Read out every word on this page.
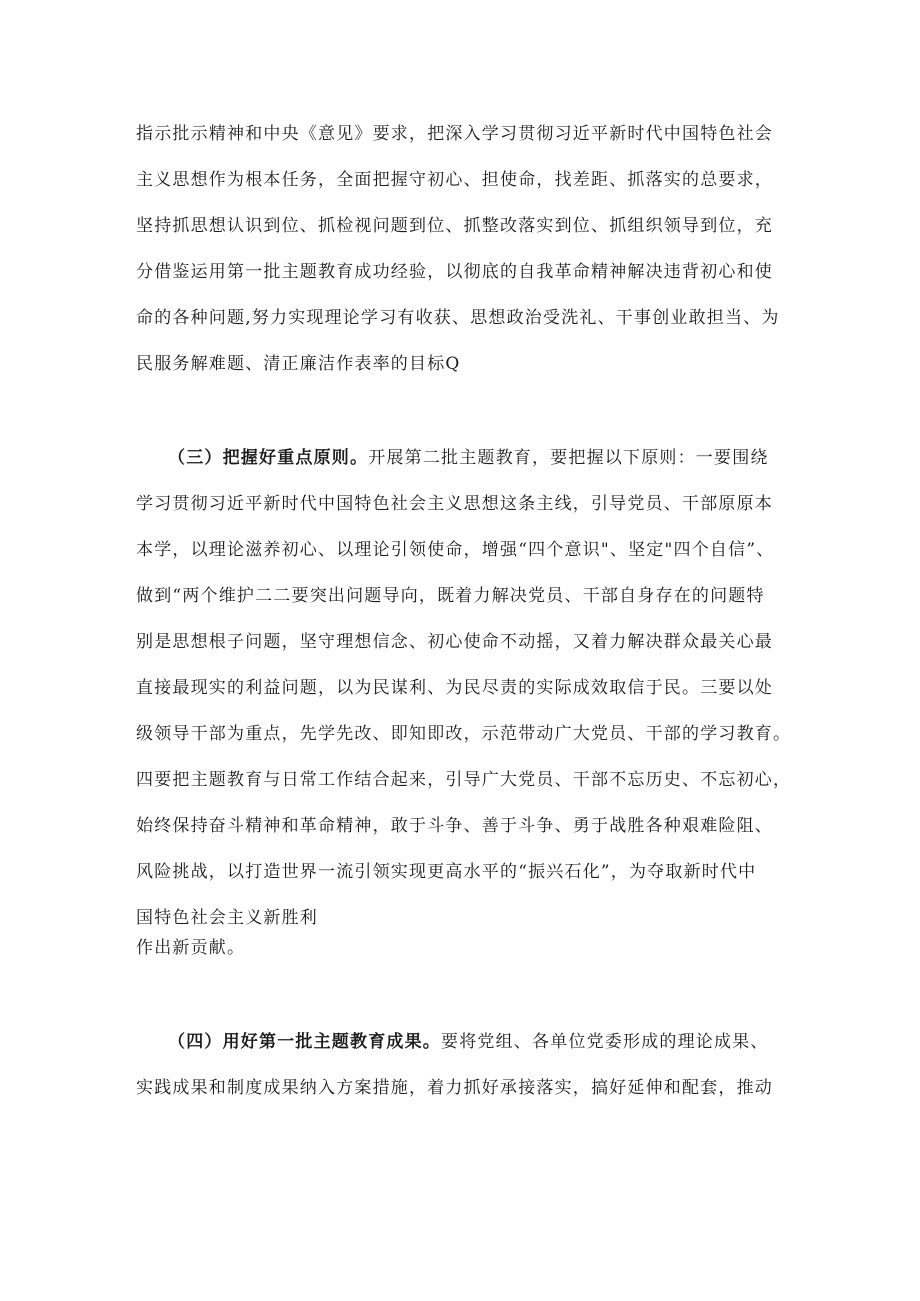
指示批示精神和中央《意见》要求，把深入学习贯彻习近平新时代中国特色社会
主义思想作为根本任务，全面把握守初心、担使命，找差距、抓落实的总要求，
坚持抓思想认识到位、抓检视问题到位、抓整改落实到位、抓组织领导到位，充
分借鉴运用第一批主题教育成功经验，以彻底的自我革命精神解决违背初心和使
命的各种问题,努力实现理论学习有收获、思想政治受洗礼、干事创业敢担当、为
民服务解难题、清正廉洁作表率的目标Q
（三）把握好重点原则。开展第二批主题教育，要把握以下原则：一要围绕
学习贯彻习近平新时代中国特色社会主义思想这条主线，引导党员、干部原原本
本学，以理论滋养初心、以理论引领使命，增强“四个意识"、坚定"四个自信”、
做到“两个维护二二要突出问题导向，既着力解决党员、干部自身存在的问题特
别是思想根子问题，坚守理想信念、初心使命不动摇，又着力解决群众最关心最
直接最现实的利益问题，以为民谋利、为民尽责的实际成效取信于民。三要以处
级领导干部为重点，先学先改、即知即改，示范带动广大党员、干部的学习教育。
四要把主题教育与日常工作结合起来，引导广大党员、干部不忘历史、不忘初心，
始终保持奋斗精神和革命精神，敢于斗争、善于斗争、勇于战胜各种艰难险阻、
风险挑战，以打造世界一流引领实现更高水平的“振兴石化”，为夺取新时代中
国特色社会主义新胜利
作出新贡献。
（四）用好第一批主题教育成果。要将党组、各单位党委形成的理论成果、
实践成果和制度成果纳入方案措施，着力抓好承接落实，搞好延伸和配套，推动
